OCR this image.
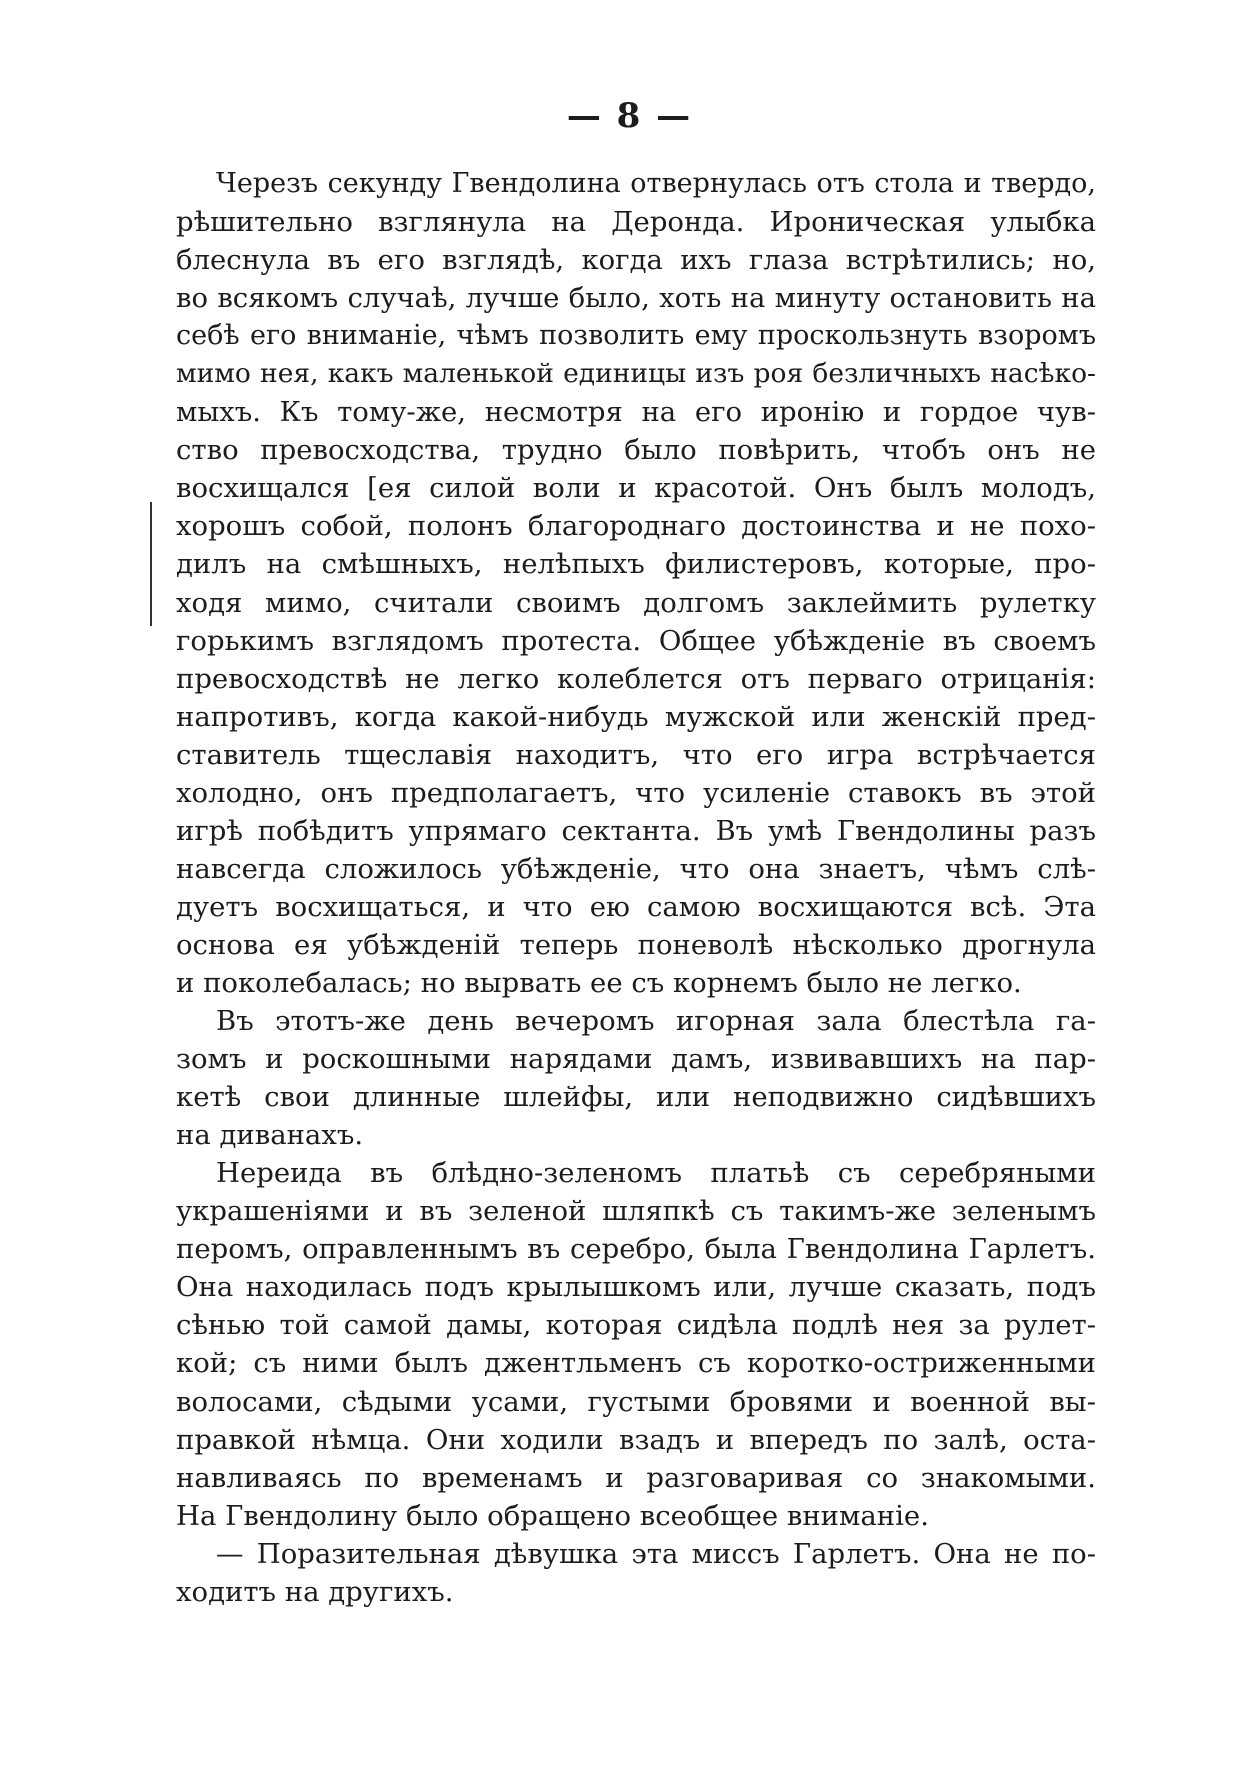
— 8 —
Черезъ секунду Гвендолина отвернулась отъ стола и твердо,
рѣшительно взглянула на Деронда. Ироническая улыбка
блеснула въ его взглядѣ, когда ихъ глаза встрѣтились; но,
во всякомъ случаѣ, лучше было, хоть на минуту остановить на
себѣ его вниманіе, чѣмъ позволить ему проскользнуть взоромъ
мимо нея, какъ маленькой единицы изъ роя безличныхъ насѣко-
мыхъ. Къ тому-же, несмотря на его иронію и гордое чув-
ство превосходства, трудно было повѣрить, чтобъ онъ не
восхищался [ея силой воли и красотой. Онъ былъ молодъ,
хорошъ собой, полонъ благороднаго достоинства и не похо-
дилъ на смѣшныхъ, нелѣпыхъ филистеровъ, которые, про-
ходя мимо, считали своимъ долгомъ заклеймить рулетку
горькимъ взглядомъ протеста. Общее убѣжденіе въ своемъ
превосходствѣ не легко колеблется отъ перваго отрицанія:
напротивъ, когда какой-нибудь мужской или женскій пред-
ставитель тщеславія находитъ, что его игра встрѣчается
холодно, онъ предполагаетъ, что усиленіе ставокъ въ этой
игрѣ побѣдитъ упрямаго сектанта. Въ умѣ Гвендолины разъ
навсегда сложилось убѣжденіе, что она знаетъ, чѣмъ слѣ-
дуетъ восхищаться, и что ею самою восхищаются всѣ. Эта
основа ея убѣжденій теперь поневолѣ нѣсколько дрогнула
и поколебалась; но вырвать ее съ корнемъ было не легко.
Въ этотъ-же день вечеромъ игорная зала блестѣла га-
зомъ и роскошными нарядами дамъ, извивавшихъ на пар-
кетѣ свои длинные шлейфы, или неподвижно сидѣвшихъ
на диванахъ.
Нереида въ блѣдно-зеленомъ платьѣ съ серебряными
украшеніями и въ зеленой шляпкѣ съ такимъ-же зеленымъ
перомъ, оправленнымъ въ серебро, была Гвендолина Гарлетъ.
Она находилась подъ крылышкомъ или, лучше сказать, подъ
сѣнью той самой дамы, которая сидѣла подлѣ нея за рулет-
кой; съ ними былъ джентльменъ съ коротко-остриженными
волосами, сѣдыми усами, густыми бровями и военной вы-
правкой нѣмца. Они ходили взадъ и впередъ по залѣ, оста-
навливаясь по временамъ и разговаривая со знакомыми.
На Гвендолину было обращено всеобщее вниманіе.
— Поразительная дѣвушка эта миссъ Гарлетъ. Она не по-
ходитъ на другихъ.
